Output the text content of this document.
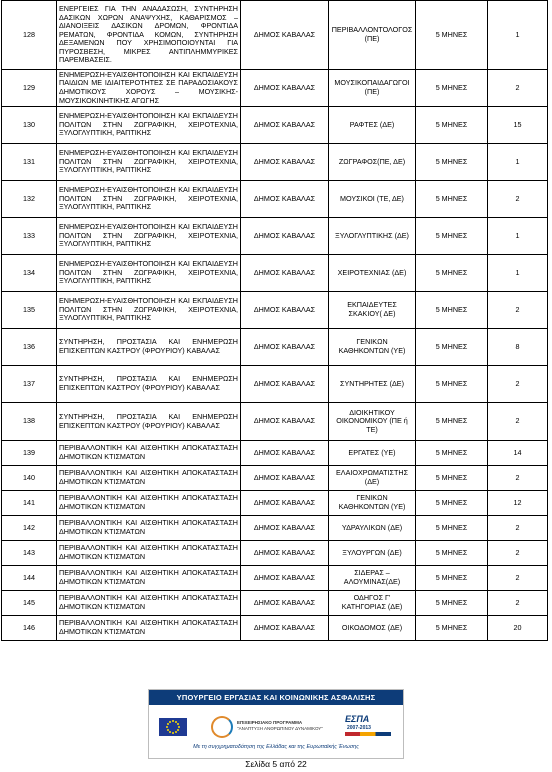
128	ΕΝΕΡΓΕΙΕΣ ΓΙΑ ΤΗΝ ΑΝΑΔΑΣΩΣΗ, ΣΥΝΤΗΡΗΣΗ ΔΑΣΙΚΩΝ ΧΩΡΩΝ ΑΝΑΨΥΧΗΣ, ΚΑΘΑΡΙΣΜΟΣ – ΔΙΑΝΟΙΞΕΙΣ ΔΑΣΙΚΩΝ ΔΡΟΜΩΝ, ΦΡΟΝΤΙΔΑ ΡΕΜΑΤΩΝ, ΦΡΟΝΤΙΔΑ ΚΟΜΩΝ, ΣΥΝΤΗΡΗΣΗ ΔΕΞΑΜΕΝΩΝ ΠΟΥ ΧΡΗΣΙΜΟΠΟΙΟΥΝΤΑΙ ΓΙΑ ΠΥΡΟΣΒΕΣΗ, ΜΙΚΡΕΣ ΑΝΤΙΠΛΗΜΜΥΡΙΚΕΣ ΠΑΡΕΜΒΑΣΕΙΣ.	ΔΗΜΟΣ ΚΑΒΑΛΑΣ	ΠΕΡΙΒΑΛΛΟΝΤΟΛΟΓΟΣ (ΠΕ)	5 ΜΗΝΕΣ	1
129	ΕΝΗΜΕΡΩΣΗ-ΕΥΑΙΣΘΗΤΟΠΟΙΗΣΗ ΚΑΙ ΕΚΠΑΙΔΕΥΣΗ ΠΑΙΔΙΩΝ ΜΕ ΙΔΙΑΙΤΕΡΟΤΗΤΕΣ ΣΕ ΠΑΡΑΔΟΣΙΑΚΟΥΣ ΔΗΜΟΤΙΚΟΥΣ ΧΟΡΟΥΣ – ΜΟΥΣΙΚΗΣ- ΜΟΥΣΙΚΟΚΙΝΗΤΙΚΗΣ ΑΓΩΓΗΣ	ΔΗΜΟΣ ΚΑΒΑΛΑΣ	ΜΟΥΣΙΚΟΠΑΙΔΑΓΩΓΟΙ (ΠΕ)	5 ΜΗΝΕΣ	2
130	ΕΝΗΜΕΡΩΣΗ-ΕΥΑΙΣΘΗΤΟΠΟΙΗΣΗ ΚΑΙ ΕΚΠΑΙΔΕΥΣΗ ΠΟΛΙΤΩΝ ΣΤΗΝ ΖΩΓΡΑΦΙΚΗ, ΧΕΙΡΟΤΕΧΝΙΑ, ΞΥΛΟΓΛΥΠΤΙΚΗ, ΡΑΠΤΙΚΗΣ	ΔΗΜΟΣ ΚΑΒΑΛΑΣ	ΡΑΦΤΕΣ (ΔΕ)	5 ΜΗΝΕΣ	15
131	ΕΝΗΜΕΡΩΣΗ-ΕΥΑΙΣΘΗΤΟΠΟΙΗΣΗ ΚΑΙ ΕΚΠΑΙΔΕΥΣΗ ΠΟΛΙΤΩΝ ΣΤΗΝ ΖΩΓΡΑΦΙΚΗ, ΧΕΙΡΟΤΕΧΝΙΑ, ΞΥΛΟΓΛΥΠΤΙΚΗ, ΡΑΠΤΙΚΗΣ	ΔΗΜΟΣ ΚΑΒΑΛΑΣ	ΖΩΓΡΑΦΟΣ(ΠΕ, ΔΕ)	5 ΜΗΝΕΣ	1
132	ΕΝΗΜΕΡΩΣΗ-ΕΥΑΙΣΘΗΤΟΠΟΙΗΣΗ ΚΑΙ ΕΚΠΑΙΔΕΥΣΗ ΠΟΛΙΤΩΝ ΣΤΗΝ ΖΩΓΡΑΦΙΚΗ, ΧΕΙΡΟΤΕΧΝΙΑ, ΞΥΛΟΓΛΥΠΤΙΚΗ, ΡΑΠΤΙΚΗΣ	ΔΗΜΟΣ ΚΑΒΑΛΑΣ	ΜΟΥΣΙΚΟΙ (ΤΕ, ΔΕ)	5 ΜΗΝΕΣ	2
133	ΕΝΗΜΕΡΩΣΗ-ΕΥΑΙΣΘΗΤΟΠΟΙΗΣΗ ΚΑΙ ΕΚΠΑΙΔΕΥΣΗ ΠΟΛΙΤΩΝ ΣΤΗΝ ΖΩΓΡΑΦΙΚΗ, ΧΕΙΡΟΤΕΧΝΙΑ, ΞΥΛΟΓΛΥΠΤΙΚΗ, ΡΑΠΤΙΚΗΣ	ΔΗΜΟΣ ΚΑΒΑΛΑΣ	ΞΥΛΟΓΛΥΠΤΙΚΗΣ (ΔΕ)	5 ΜΗΝΕΣ	1
134	ΕΝΗΜΕΡΩΣΗ-ΕΥΑΙΣΘΗΤΟΠΟΙΗΣΗ ΚΑΙ ΕΚΠΑΙΔΕΥΣΗ ΠΟΛΙΤΩΝ ΣΤΗΝ ΖΩΓΡΑΦΙΚΗ, ΧΕΙΡΟΤΕΧΝΙΑ, ΞΥΛΟΓΛΥΠΤΙΚΗ, ΡΑΠΤΙΚΗΣ	ΔΗΜΟΣ ΚΑΒΑΛΑΣ	ΧΕΙΡΟΤΕΧΝΙΑΣ (ΔΕ)	5 ΜΗΝΕΣ	1
135	ΕΝΗΜΕΡΩΣΗ-ΕΥΑΙΣΘΗΤΟΠΟΙΗΣΗ ΚΑΙ ΕΚΠΑΙΔΕΥΣΗ ΠΟΛΙΤΩΝ ΣΤΗΝ ΖΩΓΡΑΦΙΚΗ, ΧΕΙΡΟΤΕΧΝΙΑ, ΞΥΛΟΓΛΥΠΤΙΚΗ, ΡΑΠΤΙΚΗΣ	ΔΗΜΟΣ ΚΑΒΑΛΑΣ	ΕΚΠΑΙΔΕΥΤΕΣ ΣΚΑΚΙΟΥ( ΔΕ)	5 ΜΗΝΕΣ	2
136	ΣΥΝΤΗΡΗΣΗ, ΠΡΟΣΤΑΣΙΑ ΚΑΙ ΕΝΗΜΕΡΩΣΗ ΕΠΙΣΚΕΠΤΩΝ ΚΑΣΤΡΟΥ (ΦΡΟΥΡΙΟΥ) ΚΑΒΑΛΑΣ	ΔΗΜΟΣ ΚΑΒΑΛΑΣ	ΓΕΝΙΚΩΝ ΚΑΘΗΚΟΝΤΩΝ (ΥΕ)	5 ΜΗΝΕΣ	8
137	ΣΥΝΤΗΡΗΣΗ, ΠΡΟΣΤΑΣΙΑ ΚΑΙ ΕΝΗΜΕΡΩΣΗ ΕΠΙΣΚΕΠΤΩΝ ΚΑΣΤΡΟΥ (ΦΡΟΥΡΙΟΥ) ΚΑΒΑΛΑΣ	ΔΗΜΟΣ ΚΑΒΑΛΑΣ	ΣΥΝΤΗΡΗΤΕΣ (ΔΕ)	5 ΜΗΝΕΣ	2
138	ΣΥΝΤΗΡΗΣΗ, ΠΡΟΣΤΑΣΙΑ ΚΑΙ ΕΝΗΜΕΡΩΣΗ ΕΠΙΣΚΕΠΤΩΝ ΚΑΣΤΡΟΥ (ΦΡΟΥΡΙΟΥ) ΚΑΒΑΛΑΣ	ΔΗΜΟΣ ΚΑΒΑΛΑΣ	ΔΙΟΙΚΗΤΙΚΟΥ ΟΙΚΟΝΟΜΙΚΟΥ (ΠΕ ή ΤΕ)	5 ΜΗΝΕΣ	2
139	ΠΕΡΙΒΑΛΛΟΝΤΙΚΗ ΚΑΙ ΑΙΣΘΗΤΙΚΗ ΑΠΟΚΑΤΑΣΤΑΣΗ ΔΗΜΟΤΙΚΩΝ ΚΤΙΣΜΑΤΩΝ	ΔΗΜΟΣ ΚΑΒΑΛΑΣ	ΕΡΓΑΤΕΣ (ΥΕ)	5 ΜΗΝΕΣ	14
140	ΠΕΡΙΒΑΛΛΟΝΤΙΚΗ ΚΑΙ ΑΙΣΘΗΤΙΚΗ ΑΠΟΚΑΤΑΣΤΑΣΗ ΔΗΜΟΤΙΚΩΝ ΚΤΙΣΜΑΤΩΝ	ΔΗΜΟΣ ΚΑΒΑΛΑΣ	ΕΛΑΙΟΧΡΩΜΑΤΙΣΤΗΣ (ΔΕ)	5 ΜΗΝΕΣ	2
141	ΠΕΡΙΒΑΛΛΟΝΤΙΚΗ ΚΑΙ ΑΙΣΘΗΤΙΚΗ ΑΠΟΚΑΤΑΣΤΑΣΗ ΔΗΜΟΤΙΚΩΝ ΚΤΙΣΜΑΤΩΝ	ΔΗΜΟΣ ΚΑΒΑΛΑΣ	ΓΕΝΙΚΩΝ ΚΑΘΗΚΟΝΤΩΝ (ΥΕ)	5 ΜΗΝΕΣ	12
142	ΠΕΡΙΒΑΛΛΟΝΤΙΚΗ ΚΑΙ ΑΙΣΘΗΤΙΚΗ ΑΠΟΚΑΤΑΣΤΑΣΗ ΔΗΜΟΤΙΚΩΝ ΚΤΙΣΜΑΤΩΝ	ΔΗΜΟΣ ΚΑΒΑΛΑΣ	ΥΔΡΑΥΛΙΚΩΝ (ΔΕ)	5 ΜΗΝΕΣ	2
143	ΠΕΡΙΒΑΛΛΟΝΤΙΚΗ ΚΑΙ ΑΙΣΘΗΤΙΚΗ ΑΠΟΚΑΤΑΣΤΑΣΗ ΔΗΜΟΤΙΚΩΝ ΚΤΙΣΜΑΤΩΝ	ΔΗΜΟΣ ΚΑΒΑΛΑΣ	ΞΥΛΟΥΡΓΩΝ (ΔΕ)	5 ΜΗΝΕΣ	2
144	ΠΕΡΙΒΑΛΛΟΝΤΙΚΗ ΚΑΙ ΑΙΣΘΗΤΙΚΗ ΑΠΟΚΑΤΑΣΤΑΣΗ ΔΗΜΟΤΙΚΩΝ ΚΤΙΣΜΑΤΩΝ	ΔΗΜΟΣ ΚΑΒΑΛΑΣ	ΣΙΔΕΡΑΣ – ΑΛΟΥΜΙΝΑΣ(ΔΕ)	5 ΜΗΝΕΣ	2
145	ΠΕΡΙΒΑΛΛΟΝΤΙΚΗ ΚΑΙ ΑΙΣΘΗΤΙΚΗ ΑΠΟΚΑΤΑΣΤΑΣΗ ΔΗΜΟΤΙΚΩΝ ΚΤΙΣΜΑΤΩΝ	ΔΗΜΟΣ ΚΑΒΑΛΑΣ	ΟΔΗΓΟΣ Γ' ΚΑΤΗΓΟΡΙΑΣ (ΔΕ)	5 ΜΗΝΕΣ	2
146	ΠΕΡΙΒΑΛΛΟΝΤΙΚΗ ΚΑΙ ΑΙΣΘΗΤΙΚΗ ΑΠΟΚΑΤΑΣΤΑΣΗ ΔΗΜΟΤΙΚΩΝ ΚΤΙΣΜΑΤΩΝ	ΔΗΜΟΣ ΚΑΒΑΛΑΣ	ΟΙΚΟΔΟΜΟΣ (ΔΕ)	5 ΜΗΝΕΣ	20
ΥΠΟΥΡΓΕΙΟ ΕΡΓΑΣΙΑΣ ΚΑΙ ΚΟΙΝΩΝΙΚΗΣ ΑΣΦΑΛΙΣΗΣ
ΕΠΙΧΕΙΡΗΣΙΑΚΟ ΠΡΟΓΡΑΜΜΑ
"ΑΝΑΠΤΥΞΗ ΑΝΘΡΩΠΙΝΟΥ ΔΥΝΑΜΙΚΟΥ"
ΕΣΠΑ
2007-2013
Με τη συγχρηματοδότηση της Ελλάδας και της Ευρωπαϊκής Ένωσης
Σελίδα 5 από 22
